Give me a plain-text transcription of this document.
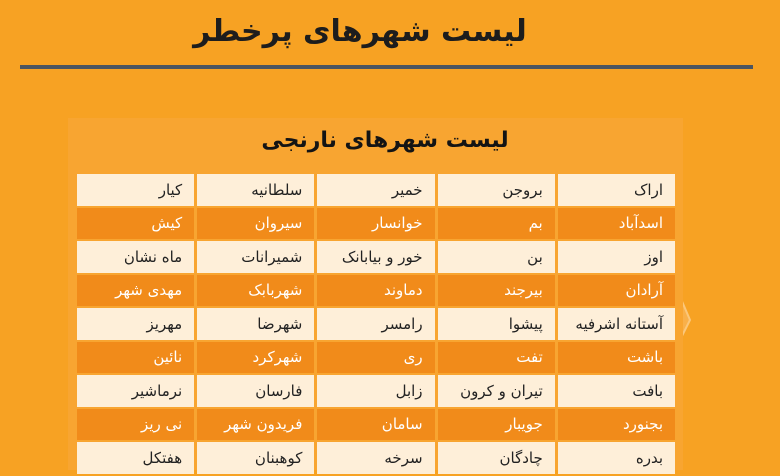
لیست شهرهای پرخطر
لیست شهرهای نارنجی
کیار	سلطانیه	خمیر	بروجن	اراک
کیش	سیروان	خوانسار	بم	اسدآباد
ماه نشان	شمیرانات	خور و بیابانک	بن	اوز
مهدی شهر	شهربابک	دماوند	بیرجند	آرادان
مهریز	شهرضا	رامسر	پیشوا	آستانه اشرفیه
نائین	شهرکرد	ری	تفت	باشت
نرماشیر	فارسان	زابل	تیران و کرون	بافت
نی ریز	فریدون شهر	سامان	جویبار	بجنورد
هفتکل	کوهبنان	سرخه	چادگان	بدره
